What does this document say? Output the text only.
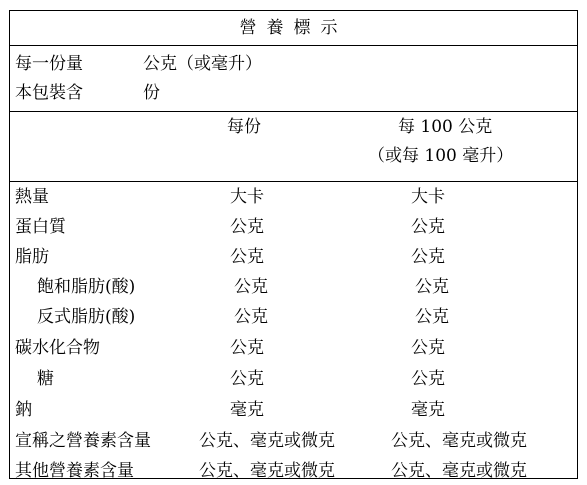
營養標示
每一份量	公克（或毫升）
本包裝含	份
每份	每 100 公克
（或每 100 毫升）
熱量	大卡	大卡
蛋白質	公克	公克
脂肪	公克	公克
飽和脂肪(酸)	公克	公克
反式脂肪(酸)	公克	公克
碳水化合物	公克	公克
糖	公克	公克
鈉	毫克	毫克
宣稱之營養素含量	公克、毫克或微克	公克、毫克或微克
其他營養素含量	公克、毫克或微克	公克、毫克或微克
